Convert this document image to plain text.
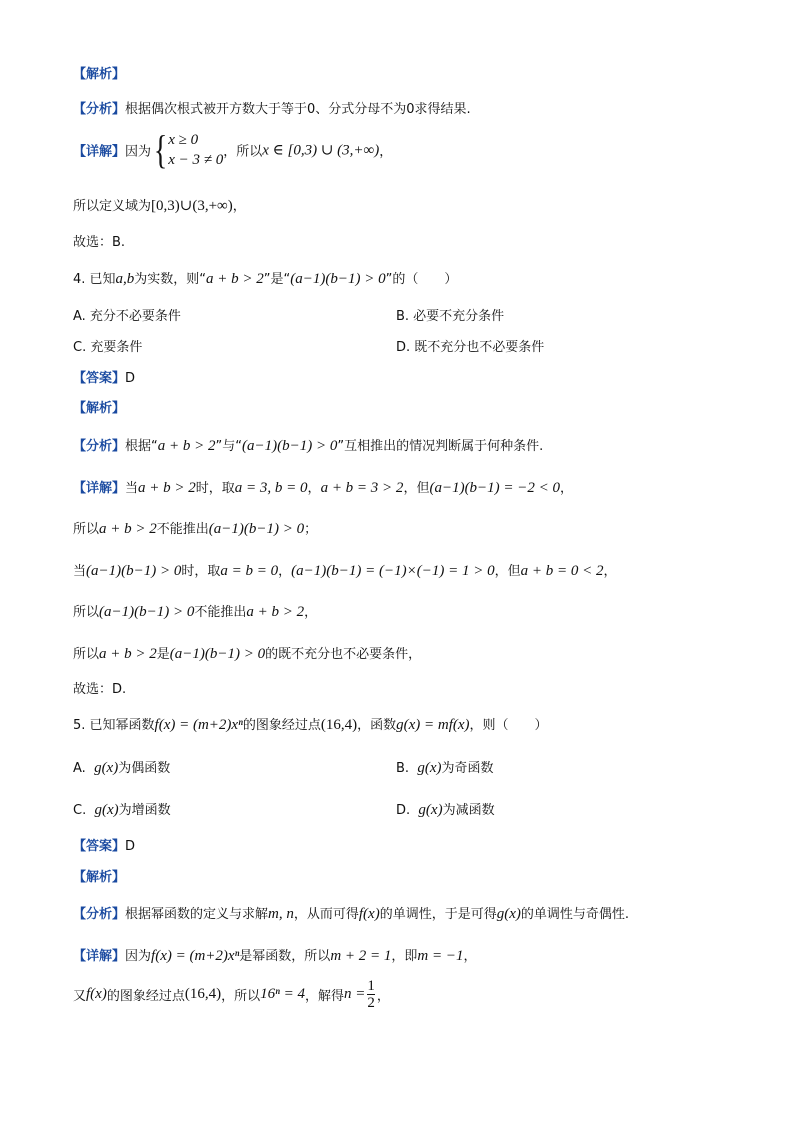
【解析】
【分析】根据偶次根式被开方数大于等于0、分式分母不为0求得结果.
【详解】因为{ x ≥ 0
x − 3 ≠ 0 ，所以x ∈ [0,3) ∪ (3,+∞)，
所以定义域为[0,3)∪(3,+∞)，
故选：B.
4. 已知a,b为实数，则“a + b > 2”是“(a−1)(b−1) > 0”的（　　）
A. 充分不必要条件	B. 必要不充分条件
C. 充要条件	D. 既不充分也不必要条件
【答案】D
【解析】
【分析】根据“a + b > 2”与“(a−1)(b−1) > 0”互相推出的情况判断属于何种条件.
【详解】当a + b > 2时，取a = 3, b = 0，a + b = 3 > 2，但(a−1)(b−1) = −2 < 0，
所以a + b > 2不能推出(a−1)(b−1) > 0；
当(a−1)(b−1) > 0时，取a = b = 0，(a−1)(b−1) = (−1)×(−1) = 1 > 0，但a + b = 0 < 2，
所以(a−1)(b−1) > 0不能推出a + b > 2，
所以a + b > 2是(a−1)(b−1) > 0的既不充分也不必要条件，
故选：D.
5. 已知幂函数f(x) = (m+2)xⁿ的图象经过点(16,4)，函数g(x) = mf(x)，则（　　）
A. g(x)为偶函数	B. g(x)为奇函数
C. g(x)为增函数	D. g(x)为减函数
【答案】D
【解析】
【分析】根据幂函数的定义与求解m, n，从而可得f(x)的单调性，于是可得g(x)的单调性与奇偶性.
【详解】因为f(x) = (m+2)xⁿ是幂函数，所以m + 2 = 1，即m = −1，
又f(x)的图象经过点(16,4)，所以16ⁿ = 4，解得$n = \frac{1}{2}$ ，
